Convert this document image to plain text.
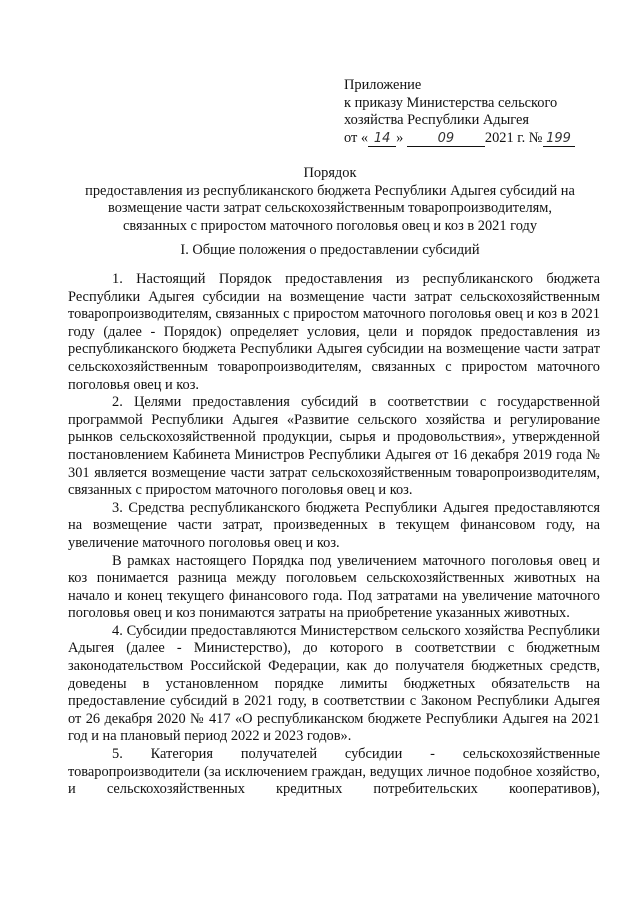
Приложение
к приказу Министерства сельского
хозяйства Республики Адыгея
от « 14 »	09 2021 г. № 199
Порядок
предоставления из республиканского бюджета Республики Адыгея субсидий на
возмещение части затрат сельскохозяйственным товаропроизводителям,
связанных с приростом маточного поголовья овец и коз в 2021 году
I. Общие положения о предоставлении субсидий

1. Настоящий Порядок предоставления из республиканского бюджета Республики Адыгея субсидии на возмещение части затрат сельскохозяйственным товаропроизводителям, связанных с приростом маточного поголовья овец и коз в 2021 году (далее - Порядок) определяет условия, цели и порядок предоставления из республиканского бюджета Республики Адыгея субсидии на возмещение части затрат сельскохозяйственным товаропроизводителям, связанных с приростом маточного поголовья овец и коз.

2. Целями предоставления субсидий в соответствии с государственной программой Республики Адыгея «Развитие сельского хозяйства и регулирование рынков сельскохозяйственной продукции, сырья и продовольствия», утвержденной постановлением Кабинета Министров Республики Адыгея от 16 декабря 2019 года № 301 является возмещение части затрат сельскохозяйственным товаропроизводителям, связанных с приростом маточного поголовья овец и коз.

3. Средства республиканского бюджета Республики Адыгея предоставляются на возмещение части затрат, произведенных в текущем финансовом году, на увеличение маточного поголовья овец и коз.

В рамках настоящего Порядка под увеличением маточного поголовья овец и коз понимается разница между поголовьем сельскохозяйственных животных на начало и конец текущего финансового года. Под затратами на увеличение маточного поголовья овец и коз понимаются затраты на приобретение указанных животных.

4. Субсидии предоставляются Министерством сельского хозяйства Республики Адыгея (далее - Министерство), до которого в соответствии с бюджетным законодательством Российской Федерации, как до получателя бюджетных средств, доведены в установленном порядке лимиты бюджетных обязательств на предоставление субсидий в 2021 году, в соответствии с Законом Республики Адыгея от 26 декабря 2020 № 417 «О республиканском бюджете Республики Адыгея на 2021 год и на плановый период 2022 и 2023 годов».

5. Категория получателей субсидии - сельскохозяйственные товаропроизводители (за исключением граждан, ведущих личное подобное хозяйство, и сельскохозяйственных кредитных потребительских кооперативов),
